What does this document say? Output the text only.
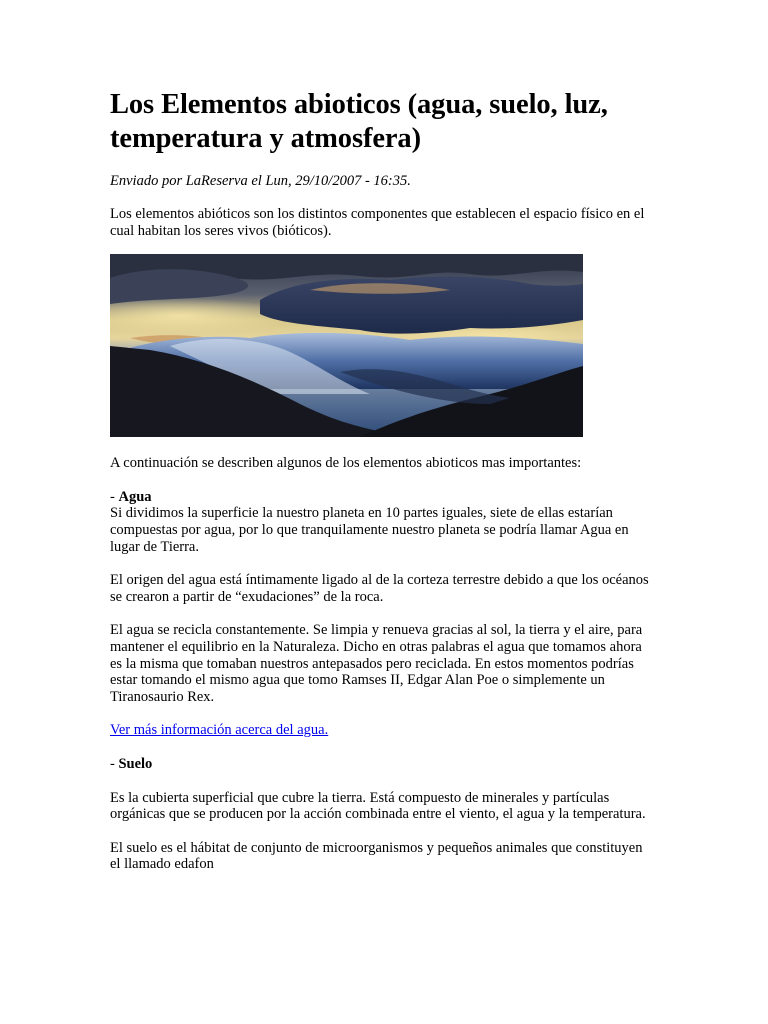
Los Elementos abioticos (agua, suelo, luz, temperatura y atmosfera)

Enviado por LaReserva el Lun, 29/10/2007 - 16:35.

Los elementos abióticos son los distintos componentes que establecen el espacio físico en el cual habitan los seres vivos (bióticos).

A continuación se describen algunos de los elementos abioticos mas importantes:

- Agua

Si dividimos la superficie la nuestro planeta en 10 partes iguales, siete de ellas estarían compuestas por agua, por lo que tranquilamente nuestro planeta se podría llamar Agua en lugar de Tierra.

El origen del agua está íntimamente ligado al de la corteza terrestre debido a que los océanos se crearon a partir de “exudaciones” de la roca.

El agua se recicla constantemente. Se limpia y renueva gracias al sol, la tierra y el aire, para mantener el equilibrio en la Naturaleza. Dicho en otras palabras el agua que tomamos ahora es la misma que tomaban nuestros antepasados pero reciclada. En estos momentos podrías estar tomando el mismo agua que tomo Ramses II, Edgar Alan Poe o simplemente un Tiranosaurio Rex.

Ver más información acerca del agua.

- Suelo

Es la cubierta superficial que cubre la tierra. Está compuesto de minerales y partículas orgánicas que se producen por la acción combinada entre el viento, el agua y la temperatura.

El suelo es el hábitat de conjunto de microorganismos y pequeños animales que constituyen el llamado edafon
